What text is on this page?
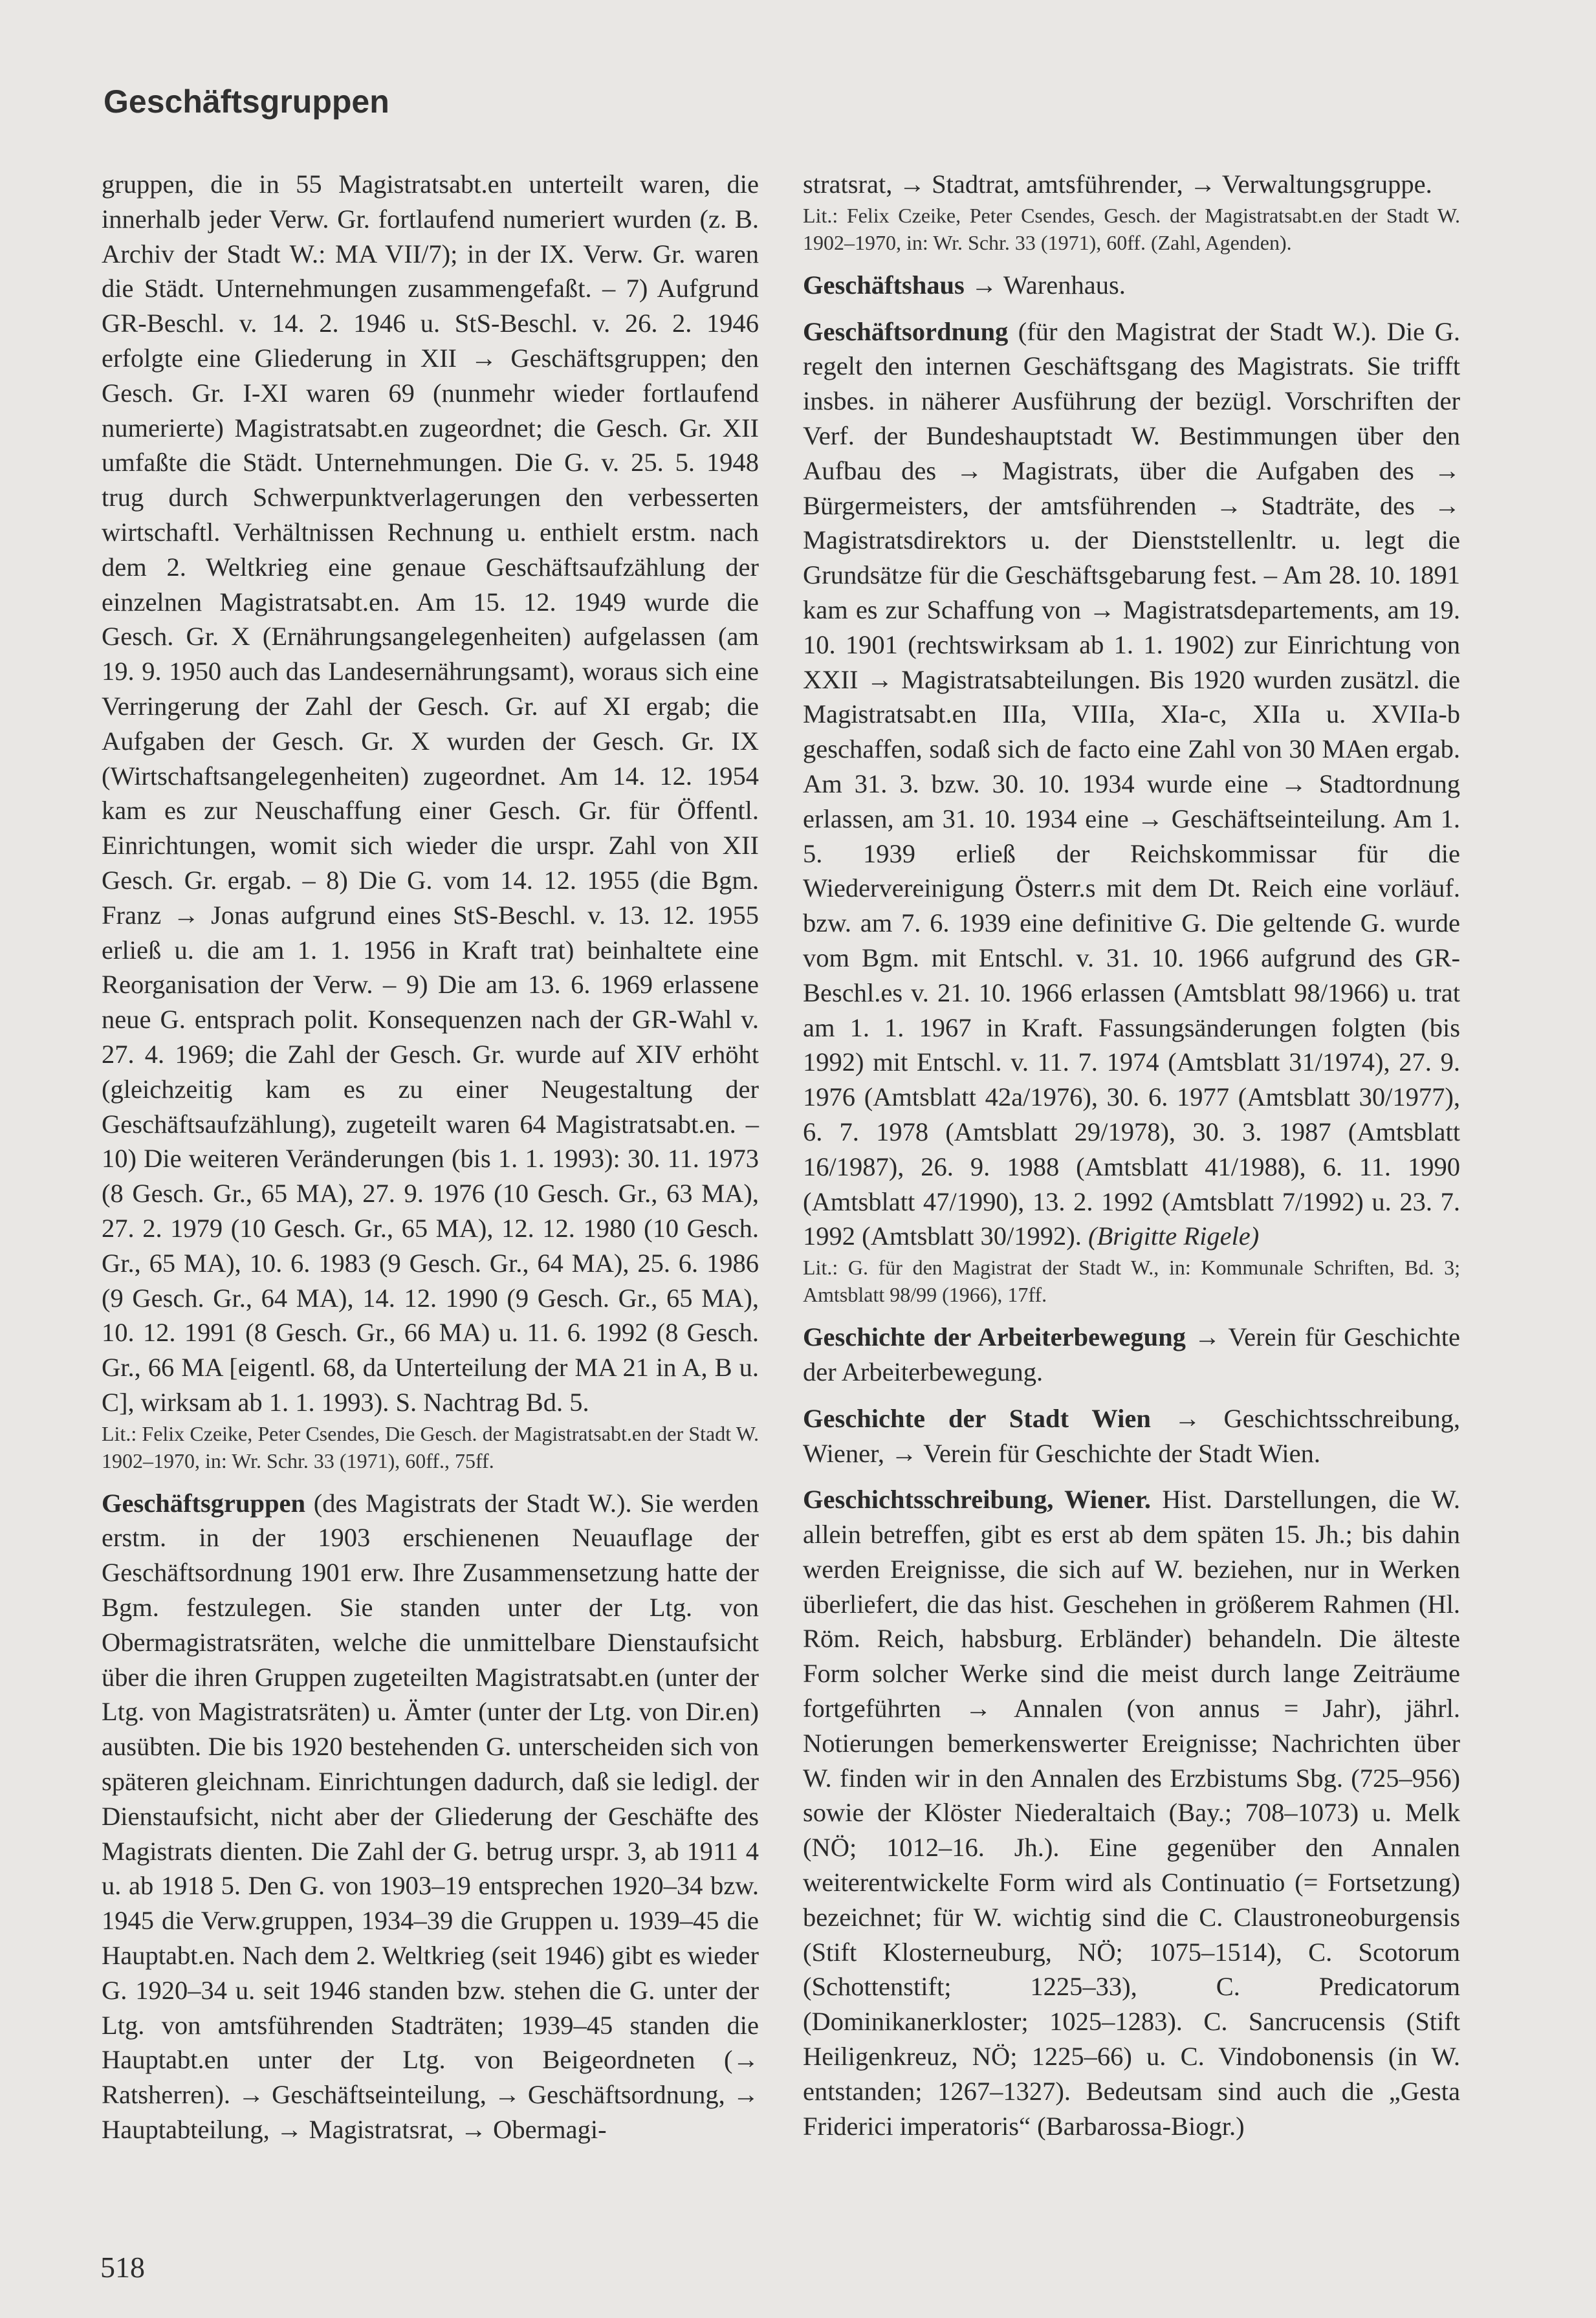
Geschäftsgruppen

gruppen, die in 55 Magistratsabt.en unterteilt waren, die innerhalb jeder Verw. Gr. fortlaufend numeriert wurden (z. B. Archiv der Stadt W.: MA VII/7); in der IX. Verw. Gr. waren die Städt. Unternehmungen zusammengefaßt. – 7) Aufgrund GR-Beschl. v. 14. 2. 1946 u. StS-Beschl. v. 26. 2. 1946 erfolgte eine Gliederung in XII → Geschäftsgruppen; den Gesch. Gr. I-XI waren 69 (nunmehr wieder fortlaufend numerierte) Magistratsabt.en zugeordnet; die Gesch. Gr. XII umfaßte die Städt. Unternehmungen. Die G. v. 25. 5. 1948 trug durch Schwerpunktverlagerungen den verbesserten wirtschaftl. Verhältnissen Rechnung u. enthielt erstm. nach dem 2. Weltkrieg eine genaue Geschäftsaufzählung der einzelnen Magistratsabt.en. Am 15. 12. 1949 wurde die Gesch. Gr. X (Ernährungsangelegenheiten) aufgelassen (am 19. 9. 1950 auch das Landesernährungsamt), woraus sich eine Verringerung der Zahl der Gesch. Gr. auf XI ergab; die Aufgaben der Gesch. Gr. X wurden der Gesch. Gr. IX (Wirtschaftsangelegenheiten) zugeordnet. Am 14. 12. 1954 kam es zur Neuschaffung einer Gesch. Gr. für Öffentl. Einrichtungen, womit sich wieder die urspr. Zahl von XII Gesch. Gr. ergab. – 8) Die G. vom 14. 12. 1955 (die Bgm. Franz → Jonas aufgrund eines StS-Beschl. v. 13. 12. 1955 erließ u. die am 1. 1. 1956 in Kraft trat) beinhaltete eine Reorganisation der Verw. – 9) Die am 13. 6. 1969 erlassene neue G. entsprach polit. Konsequenzen nach der GR-Wahl v. 27. 4. 1969; die Zahl der Gesch. Gr. wurde auf XIV erhöht (gleichzeitig kam es zu einer Neugestaltung der Geschäftsaufzählung), zugeteilt waren 64 Magistratsabt.en. – 10) Die weiteren Veränderungen (bis 1. 1. 1993): 30. 11. 1973 (8 Gesch. Gr., 65 MA), 27. 9. 1976 (10 Gesch. Gr., 63 MA), 27. 2. 1979 (10 Gesch. Gr., 65 MA), 12. 12. 1980 (10 Gesch. Gr., 65 MA), 10. 6. 1983 (9 Gesch. Gr., 64 MA), 25. 6. 1986 (9 Gesch. Gr., 64 MA), 14. 12. 1990 (9 Gesch. Gr., 65 MA), 10. 12. 1991 (8 Gesch. Gr., 66 MA) u. 11. 6. 1992 (8 Gesch. Gr., 66 MA [eigentl. 68, da Unterteilung der MA 21 in A, B u. C], wirksam ab 1. 1. 1993). S. Nachtrag Bd. 5.

Lit.: Felix Czeike, Peter Csendes, Die Gesch. der Magistratsabt.en der Stadt W. 1902–1970, in: Wr. Schr. 33 (1971), 60ff., 75ff.

Geschäftsgruppen (des Magistrats der Stadt W.). Sie werden erstm. in der 1903 erschienenen Neuauflage der Geschäftsordnung 1901 erw. Ihre Zusammensetzung hatte der Bgm. festzulegen. Sie standen unter der Ltg. von Obermagistratsräten, welche die unmittelbare Dienstaufsicht über die ihren Gruppen zugeteilten Magistratsabt.en (unter der Ltg. von Magistratsräten) u. Ämter (unter der Ltg. von Dir.en) ausübten. Die bis 1920 bestehenden G. unterscheiden sich von späteren gleichnam. Einrichtungen dadurch, daß sie ledigl. der Dienstaufsicht, nicht aber der Gliederung der Geschäfte des Magistrats dienten. Die Zahl der G. betrug urspr. 3, ab 1911 4 u. ab 1918 5. Den G. von 1903–19 entsprechen 1920–34 bzw. 1945 die Verw.gruppen, 1934–39 die Gruppen u. 1939–45 die Hauptabt.en. Nach dem 2. Weltkrieg (seit 1946) gibt es wieder G. 1920–34 u. seit 1946 standen bzw. stehen die G. unter der Ltg. von amtsführenden Stadträten; 1939–45 standen die Hauptabt.en unter der Ltg. von Beigeordneten (→ Ratsherren). → Geschäftseinteilung, → Geschäftsordnung, → Hauptabteilung, → Magistratsrat, → Obermagi-

stratsrat, → Stadtrat, amtsführender, → Verwaltungsgruppe.

Lit.: Felix Czeike, Peter Csendes, Gesch. der Magistratsabt.en der Stadt W. 1902–1970, in: Wr. Schr. 33 (1971), 60ff. (Zahl, Agenden).

Geschäftshaus → Warenhaus.

Geschäftsordnung (für den Magistrat der Stadt W.). Die G. regelt den internen Geschäftsgang des Magistrats. Sie trifft insbes. in näherer Ausführung der bezügl. Vorschriften der Verf. der Bundeshauptstadt W. Bestimmungen über den Aufbau des → Magistrats, über die Aufgaben des → Bürgermeisters, der amtsführenden → Stadträte, des → Magistratsdirektors u. der Dienststellenltr. u. legt die Grundsätze für die Geschäftsgebarung fest. – Am 28. 10. 1891 kam es zur Schaffung von → Magistratsdepartements, am 19. 10. 1901 (rechtswirksam ab 1. 1. 1902) zur Einrichtung von XXII → Magistratsabteilungen. Bis 1920 wurden zusätzl. die Magistratsabt.en IIIa, VIIIa, XIa-c, XIIa u. XVIIa-b geschaffen, sodaß sich de facto eine Zahl von 30 MAen ergab. Am 31. 3. bzw. 30. 10. 1934 wurde eine → Stadtordnung erlassen, am 31. 10. 1934 eine → Geschäftseinteilung. Am 1. 5. 1939 erließ der Reichskommissar für die Wiedervereinigung Österr.s mit dem Dt. Reich eine vorläuf. bzw. am 7. 6. 1939 eine definitive G. Die geltende G. wurde vom Bgm. mit Entschl. v. 31. 10. 1966 aufgrund des GR-Beschl.es v. 21. 10. 1966 erlassen (Amtsblatt 98/1966) u. trat am 1. 1. 1967 in Kraft. Fassungsänderungen folgten (bis 1992) mit Entschl. v. 11. 7. 1974 (Amtsblatt 31/1974), 27. 9. 1976 (Amtsblatt 42a/1976), 30. 6. 1977 (Amtsblatt 30/1977), 6. 7. 1978 (Amtsblatt 29/1978), 30. 3. 1987 (Amtsblatt 16/1987), 26. 9. 1988 (Amtsblatt 41/1988), 6. 11. 1990 (Amtsblatt 47/1990), 13. 2. 1992 (Amtsblatt 7/1992) u. 23. 7. 1992 (Amtsblatt 30/1992). (Brigitte Rigele)

Lit.: G. für den Magistrat der Stadt W., in: Kommunale Schriften, Bd. 3; Amtsblatt 98/99 (1966), 17ff.

Geschichte der Arbeiterbewegung → Verein für Geschichte der Arbeiterbewegung.

Geschichte der Stadt Wien → Geschichtsschreibung, Wiener, → Verein für Geschichte der Stadt Wien.

Geschichtsschreibung, Wiener. Hist. Darstellungen, die W. allein betreffen, gibt es erst ab dem späten 15. Jh.; bis dahin werden Ereignisse, die sich auf W. beziehen, nur in Werken überliefert, die das hist. Geschehen in größerem Rahmen (Hl. Röm. Reich, habsburg. Erbländer) behandeln. Die älteste Form solcher Werke sind die meist durch lange Zeiträume fortgeführten → Annalen (von annus = Jahr), jährl. Notierungen bemerkenswerter Ereignisse; Nachrichten über W. finden wir in den Annalen des Erzbistums Sbg. (725–956) sowie der Klöster Niederaltaich (Bay.; 708–1073) u. Melk (NÖ; 1012–16. Jh.). Eine gegenüber den Annalen weiterentwickelte Form wird als Continuatio (= Fortsetzung) bezeichnet; für W. wichtig sind die C. Claustroneoburgensis (Stift Klosterneuburg, NÖ; 1075–1514), C. Scotorum (Schottenstift; 1225–33), C. Predicatorum (Dominikanerkloster; 1025–1283). C. Sancrucensis (Stift Heiligenkreuz, NÖ; 1225–66) u. C. Vindobonensis (in W. entstanden; 1267–1327). Bedeutsam sind auch die „Gesta Friderici imperatoris“ (Barbarossa-Biogr.)

518
